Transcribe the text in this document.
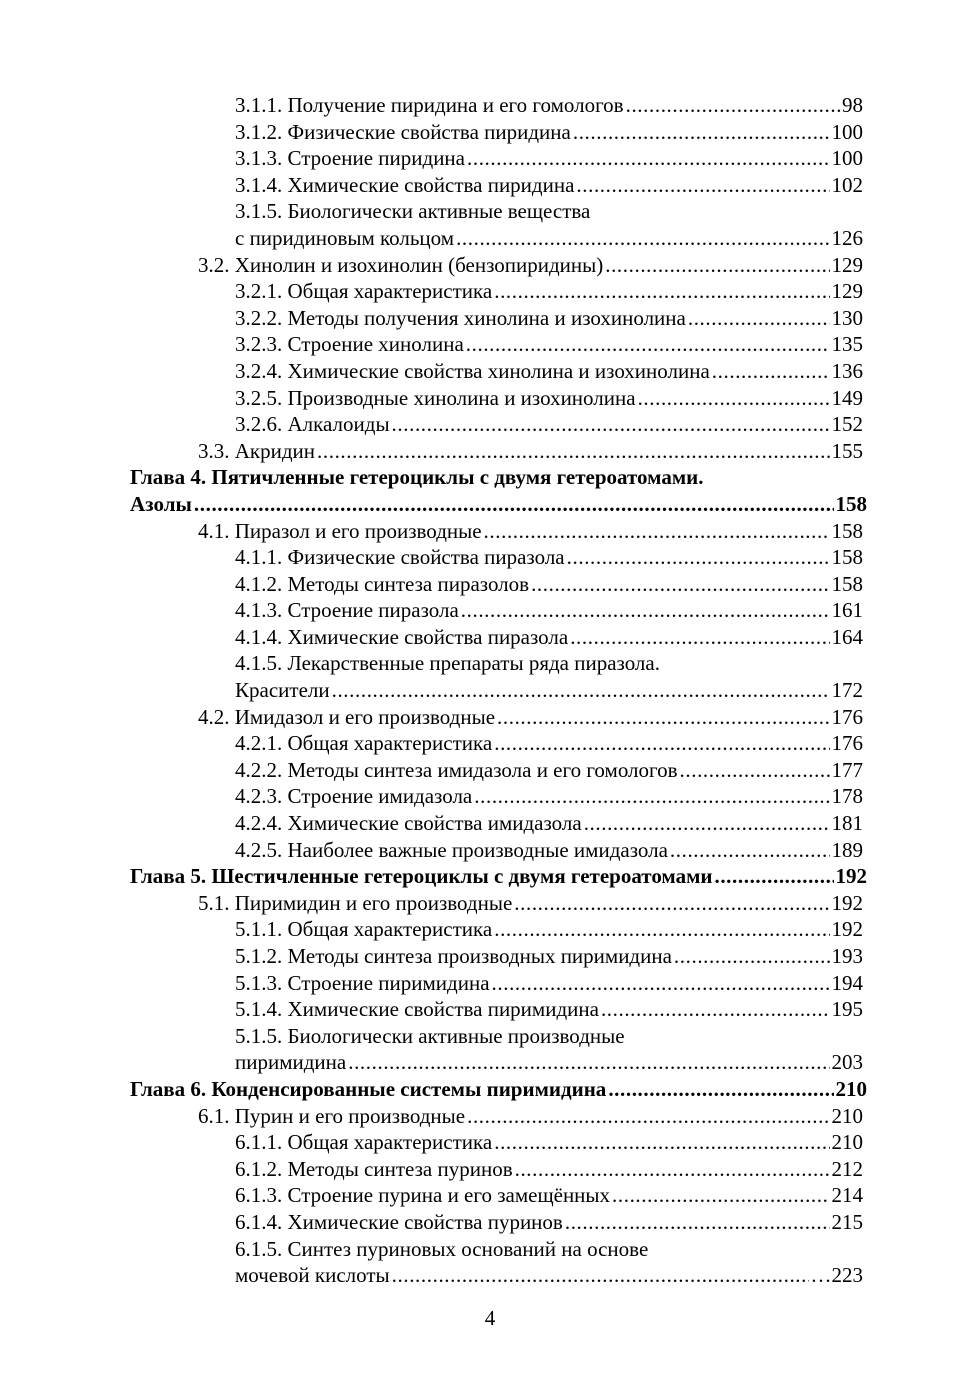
3.1.1. Получение пиридина и его гомологов .....	98
3.1.2. Физические свойства пиридина .....	100
3.1.3. Строение пиридина .....	100
3.1.4. Химические свойства пиридина .....	102
3.1.5. Биологически активные вещества
с пиридиновым кольцом .....	126
3.2. Хинолин и изохинолин (бензопиридины) .....	129
3.2.1. Общая характеристика .....	129
3.2.2. Методы получения хинолина и изохинолина .....	130
3.2.3. Строение хинолина .....	135
3.2.4. Химические свойства хинолина и изохинолина .....	136
3.2.5. Производные хинолина и изохинолина .....	149
3.2.6. Алкалоиды .....	152
3.3. Акридин .....	155
Глава 4. Пятичленные гетероциклы с двумя гетероатомами.
Азолы .....	158
4.1. Пиразол и его производные .....	158
4.1.1. Физические свойства пиразола .....	158
4.1.2. Методы синтеза пиразолов .....	158
4.1.3. Строение пиразола .....	161
4.1.4. Химические свойства пиразола .....	164
4.1.5. Лекарственные препараты ряда пиразола.
Красители .....	172
4.2. Имидазол и его производные .....	176
4.2.1. Общая характеристика .....	176
4.2.2. Методы синтеза имидазола и его гомологов .....	177
4.2.3. Строение имидазола .....	178
4.2.4. Химические свойства имидазола .....	181
4.2.5. Наиболее важные производные имидазола .....	189
Глава 5. Шестичленные гетероциклы с двумя гетероатомами .....	192
5.1. Пиримидин и его производные .....	192
5.1.1. Общая характеристика .....	192
5.1.2. Методы синтеза производных пиримидина .....	193
5.1.3. Строение пиримидина .....	194
5.1.4. Химические свойства пиримидина .....	195
5.1.5. Биологически активные производные
пиримидина .....	203
Глава 6. Конденсированные системы пиримидина .....	210
6.1. Пурин и его производные .....	210
6.1.1. Общая характеристика .....	210
6.1.2. Методы синтеза пуринов .....	212
6.1.3. Строение пурина и его замещённых .....	214
6.1.4. Химические свойства пуринов .....	215
6.1.5. Синтез пуриновых оснований на основе
мочевой кислоты .....	…223
4
